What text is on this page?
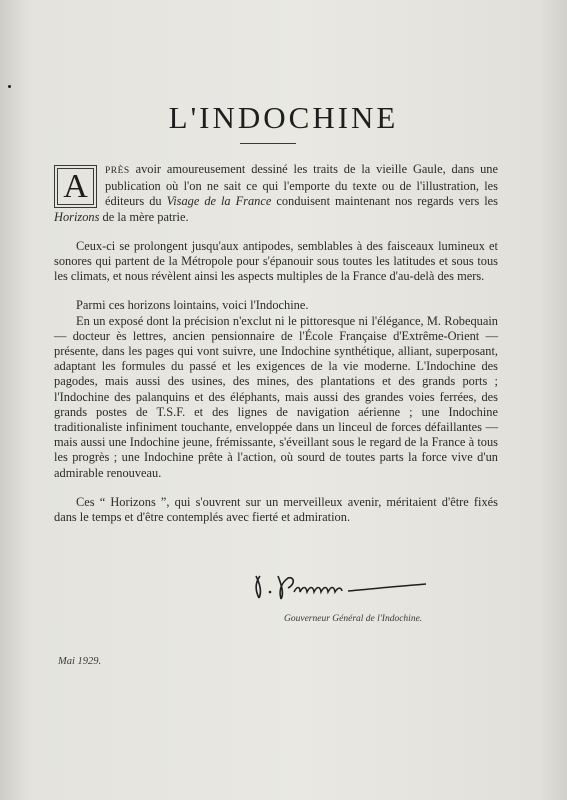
L'INDOCHINE

A	PRÈS avoir amoureusement dessiné les traits de la vieille Gaule, dans une publication où l'on ne sait ce qui l'emporte du texte ou de l'illustration, les éditeurs du Visage de la France conduisent maintenant nos regards vers les Horizons de la mère patrie.

Ceux-ci se prolongent jusqu'aux antipodes, semblables à des faisceaux lumineux et sonores qui partent de la Métropole pour s'épanouir sous toutes les latitudes et sous tous les climats, et nous révèlent ainsi les aspects multiples de la France d'au-delà des mers.

Parmi ces horizons lointains, voici l'Indochine.

En un exposé dont la précision n'exclut ni le pittoresque ni l'élégance, M. Robequain — docteur ès lettres, ancien pensionnaire de l'École Française d'Extrême-Orient — présente, dans les pages qui vont suivre, une Indochine synthétique, alliant, superposant, adaptant les formules du passé et les exigences de la vie moderne. L'Indochine des pagodes, mais aussi des usines, des mines, des plantations et des grands ports ; l'Indochine des palanquins et des éléphants, mais aussi des grandes voies ferrées, des grands postes de T.S.F. et des lignes de navigation aérienne ; une Indochine traditionaliste infiniment touchante, enveloppée dans un linceul de forces défaillantes — mais aussi une Indochine jeune, frémissante, s'éveillant sous le regard de la France à tous les progrès ; une Indochine prête à l'action, où sourd de toutes parts la force vive d'un admirable renouveau.

Ces “ Horizons ”, qui s'ouvrent sur un merveilleux avenir, méritaient d'être fixés dans le temps et d'être contemplés avec fierté et admiration.

Gouverneur Général de l'Indochine.
Mai 1929.
